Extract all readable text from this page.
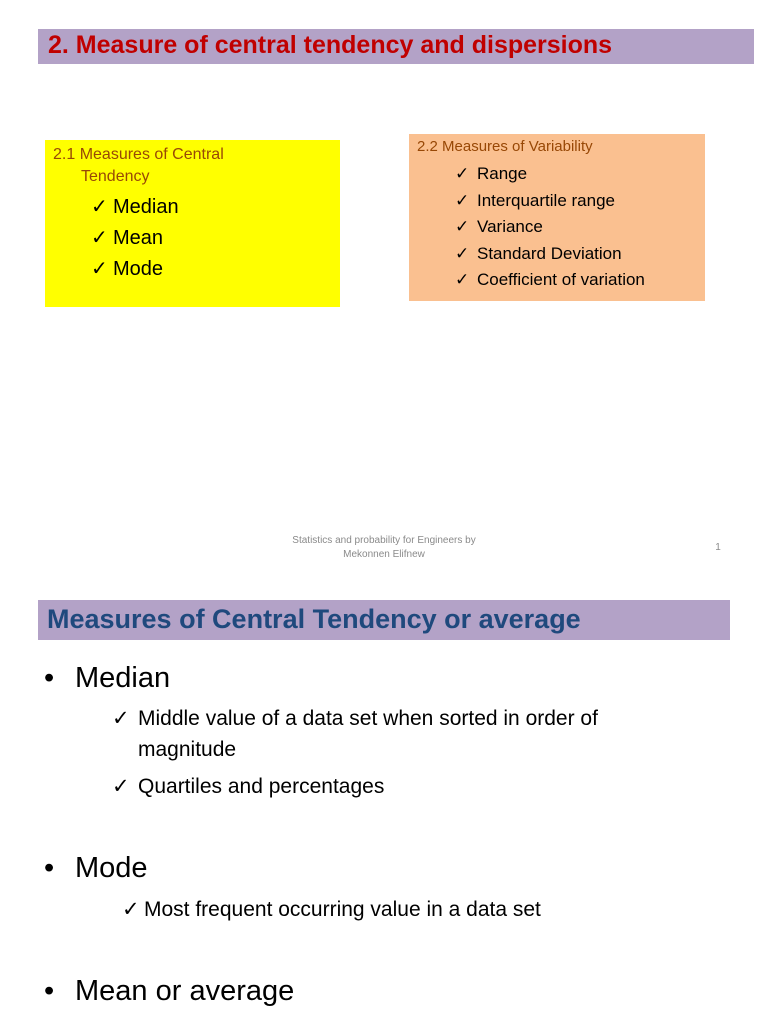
2. Measure of central tendency and dispersions
2.1 Measures of Central
Tendency
✓ Median
✓ Mean
✓ Mode
2.2 Measures of Variability
✓ Range
✓ Interquartile range
✓ Variance
✓ Standard Deviation
✓ Coefficient of variation
Statistics and probability for Engineers by
Mekonnen Elifnew
1
Measures of Central Tendency or average
• Median
✓ Middle value of a data set when sorted in order of
magnitude
✓ Quartiles and percentages
• Mode
✓ Most frequent occurring value in a data set
• Mean or average
